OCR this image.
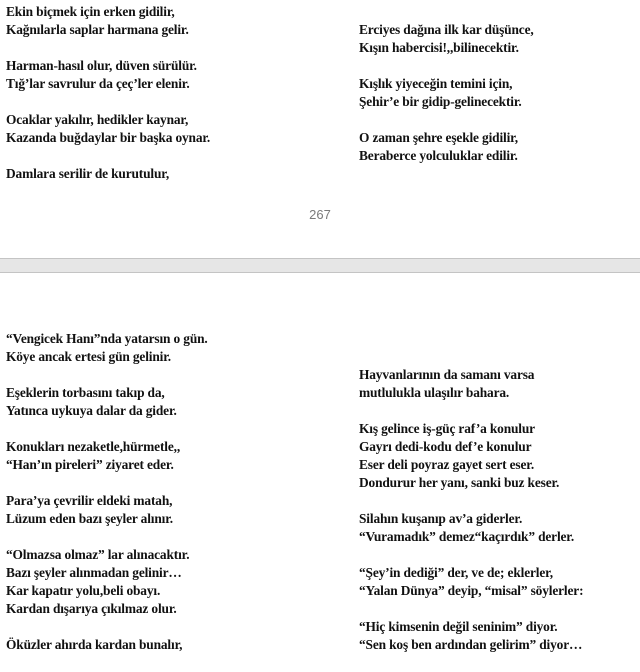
Ekin biçmek için erken gidilir,
Kağnılarla saplar harmana gelir.
Harman-hasıl olur, düven sürülür.
Tığ’lar savrulur da çeç’ler elenir.
Ocaklar yakılır, hedikler kaynar,
Kazanda buğdaylar bir başka oynar.
Damlara serilir de kurutulur,
Erciyes dağına ilk kar düşünce,
Kışın habercisi!,,bilinecektir.
Kışlık yiyeceğin temini için,
Şehir’e bir gidip-gelinecektir.
O zaman şehre eşekle gidilir,
Beraberce yolculuklar edilir.
267
“Vengicek Hanı”nda yatarsın o gün.
Köye ancak ertesi gün gelinir.
Eşeklerin torbasını takıp da,
Yatınca uykuya dalar da gider.
Konukları nezaketle,hürmetle,,
“Han’ın pireleri” ziyaret eder.
Para’ya çevrilir eldeki matah,
Lüzum eden bazı şeyler alınır.
“Olmazsa olmaz” lar alınacaktır.
Bazı şeyler alınmadan gelinir…
Kar kapatır yolu,beli obayı.
Kardan dışarıya çıkılmaz olur.
Öküzler ahırda kardan bunalır,
Hayvanlarının da samanı varsa
mutlulukla ulaşılır bahara.
Kış gelince iş-güç raf’a konulur
Gayrı dedi-kodu def’e konulur
Eser deli poyraz gayet sert eser.
Dondurur her yanı, sanki buz keser.
Silahın kuşanıp av’a giderler.
“Vuramadık” demez“kaçırdık” derler.
“Şey’in dediği” der, ve de; eklerler,
“Yalan Dünya” deyip, “misal” söylerler:
“Hiç kimsenin değil seninim” diyor.
“Sen koş ben ardından gelirim” diyor…
